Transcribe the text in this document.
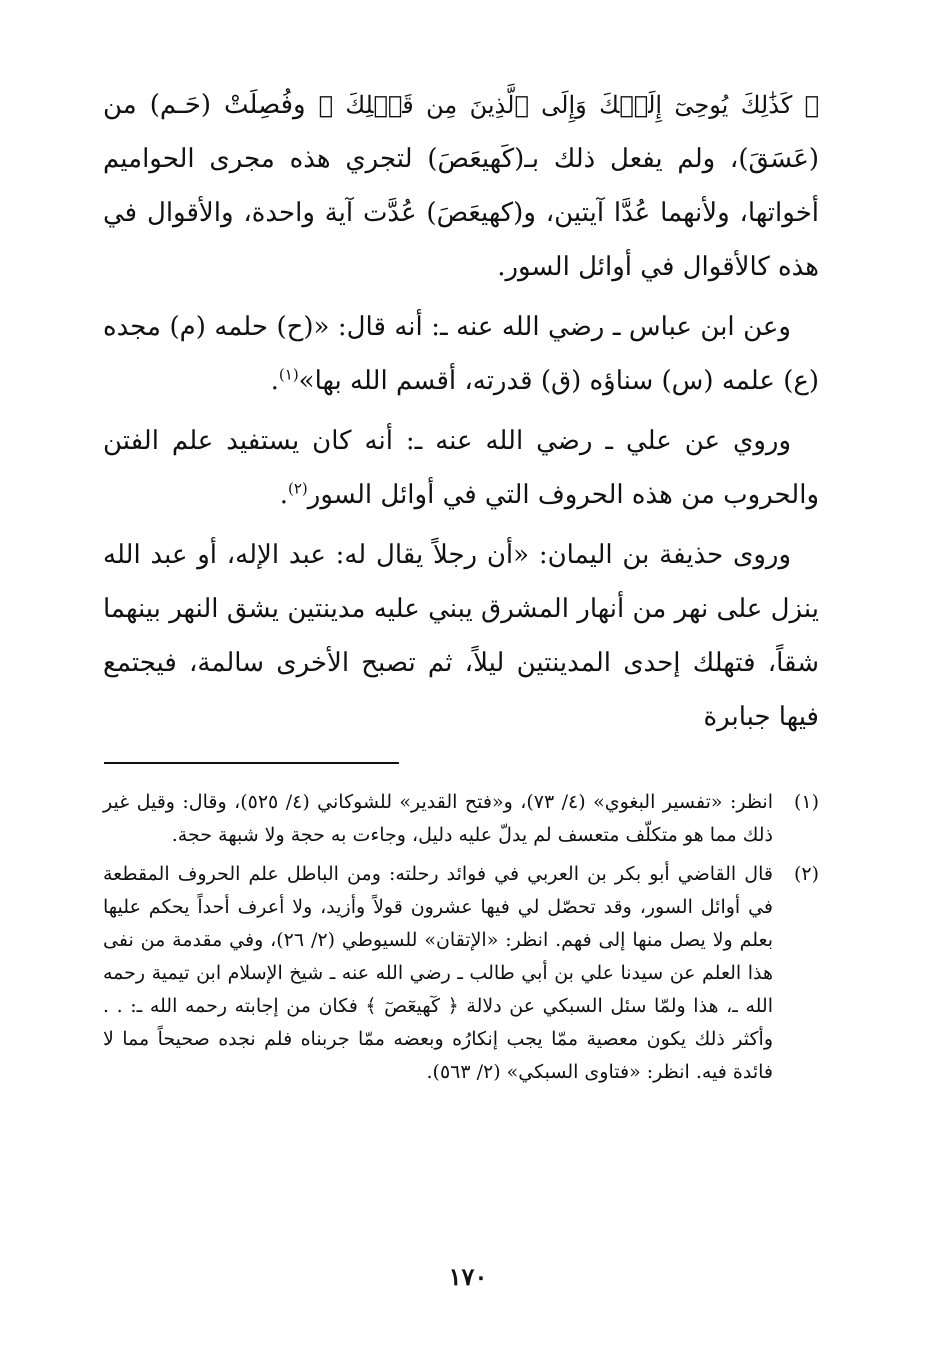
﴿ كَذَٰلِكَ يُوحِىٓ إِلَيۡكَ وَإِلَى ٱلَّذِينَ مِن قَبۡلِكَ ﴾ وفُصِلَتْ (حَـم) من (عَسَقَ)، ولم يفعل ذلك بـ(كَهيعَصَ) لتجري هذه مجرى الحواميم أخواتها، ولأنهما عُدَّا آيتين، و(كهيعَصَ) عُدَّت آية واحدة، والأقوال في هذه كالأقوال في أوائل السور.

وعن ابن عباس ـ رضي الله عنه ـ: أنه قال: «(ح) حلمه (م) مجده (ع) علمه (س) سناؤه (ق) قدرته، أقسم الله بها»$^{(١)}$.

وروي عن علي ـ رضي الله عنه ـ: أنه كان يستفيد علم الفتن والحروب من هذه الحروف التي في أوائل السور$^{(٢)}$.

وروى حذيفة بن اليمان: «أن رجلاً يقال له: عبد الإله، أو عبد الله ينزل على نهر من أنهار المشرق يبني عليه مدينتين يشق النهر بينهما شقاً، فتهلك إحدى المدينتين ليلاً، ثم تصبح الأخرى سالمة، فيجتمع فيها جبابرة

(١)
انظر: «تفسير البغوي» (٤/ ٧٣)، و«فتح القدير» للشوكاني (٤/ ٥٢٥)، وقال: وقيل غير ذلك مما هو متكلّف متعسف لم يدلّ عليه دليل، وجاءت به حجة ولا شبهة حجة.
(٢)
قال القاضي أبو بكر بن العربي في فوائد رحلته: ومن الباطل علم الحروف المقطعة في أوائل السور، وقد تحصّل لي فيها عشرون قولاً وأزيد، ولا أعرف أحداً يحكم عليها بعلم ولا يصل منها إلى فهم. انظر: «الإتقان» للسيوطي (٢/ ٢٦)، وفي مقدمة من نفى هذا العلم عن سيدنا علي بن أبي طالب ـ رضي الله عنه ـ شيخ الإسلام ابن تيمية رحمه الله ـ، هذا ولمّا سئل السبكي عن دلالة ﴿ كٓهيعٓصٓ ﴾ فكان من إجابته رحمه الله ـ: . . وأكثر ذلك يكون معصية ممّا يجب إنكارُه وبعضه ممّا جربناه فلم نجده صحيحاً مما لا فائدة فيه. انظر: «فتاوى السبكي» (٢/ ٥٦٣).
١٧٠
